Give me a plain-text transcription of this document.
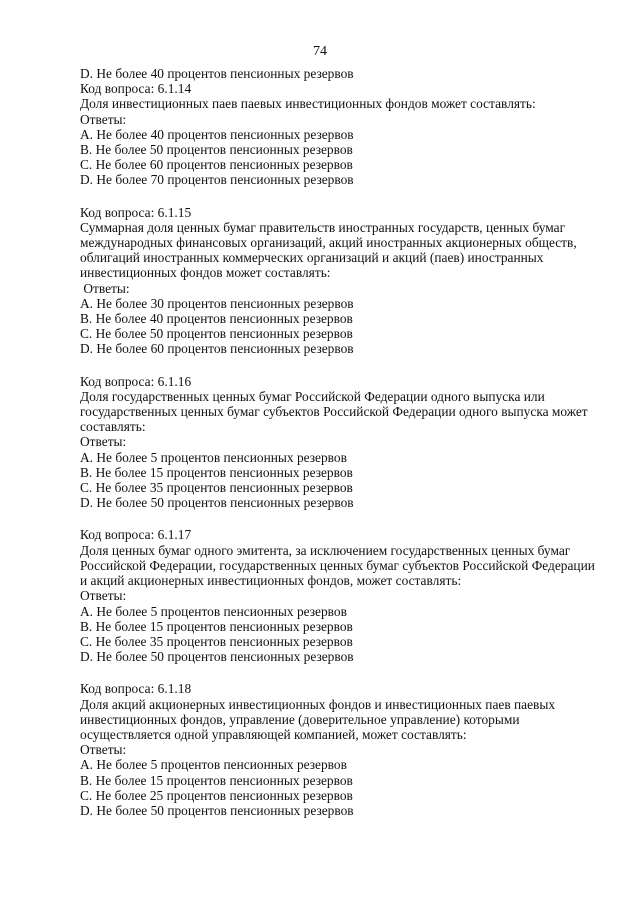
74
D. Не более 40 процентов пенсионных резервов
Код вопроса: 6.1.14
Доля инвестиционных паев паевых инвестиционных фондов может составлять:
Ответы:
A. Не более 40 процентов пенсионных резервов
B. Не более 50 процентов пенсионных резервов
C. Не более 60 процентов пенсионных резервов
D. Не более 70 процентов пенсионных резервов
Код вопроса: 6.1.15
Суммарная доля ценных бумаг правительств иностранных государств, ценных бумаг
международных финансовых организаций, акций иностранных акционерных обществ,
облигаций иностранных коммерческих организаций и акций (паев) иностранных
инвестиционных фондов может составлять:
Ответы:
A. Не более 30 процентов пенсионных резервов
B. Не более 40 процентов пенсионных резервов
C. Не более 50 процентов пенсионных резервов
D. Не более 60 процентов пенсионных резервов
Код вопроса: 6.1.16
Доля государственных ценных бумаг Российской Федерации одного выпуска или
государственных ценных бумаг субъектов Российской Федерации одного выпуска может
составлять:
Ответы:
A. Не более 5 процентов пенсионных резервов
B. Не более 15 процентов пенсионных резервов
C. Не более 35 процентов пенсионных резервов
D. Не более 50 процентов пенсионных резервов
Код вопроса: 6.1.17
Доля ценных бумаг одного эмитента, за исключением государственных ценных бумаг
Российской Федерации, государственных ценных бумаг субъектов Российской Федерации
и акций акционерных инвестиционных фондов, может составлять:
Ответы:
A. Не более 5 процентов пенсионных резервов
B. Не более 15 процентов пенсионных резервов
C. Не более 35 процентов пенсионных резервов
D. Не более 50 процентов пенсионных резервов
Код вопроса: 6.1.18
Доля акций акционерных инвестиционных фондов и инвестиционных паев паевых
инвестиционных фондов, управление (доверительное управление) которыми
осуществляется одной управляющей компанией, может составлять:
Ответы:
A. Не более 5 процентов пенсионных резервов
B. Не более 15 процентов пенсионных резервов
C. Не более 25 процентов пенсионных резервов
D. Не более 50 процентов пенсионных резервов
